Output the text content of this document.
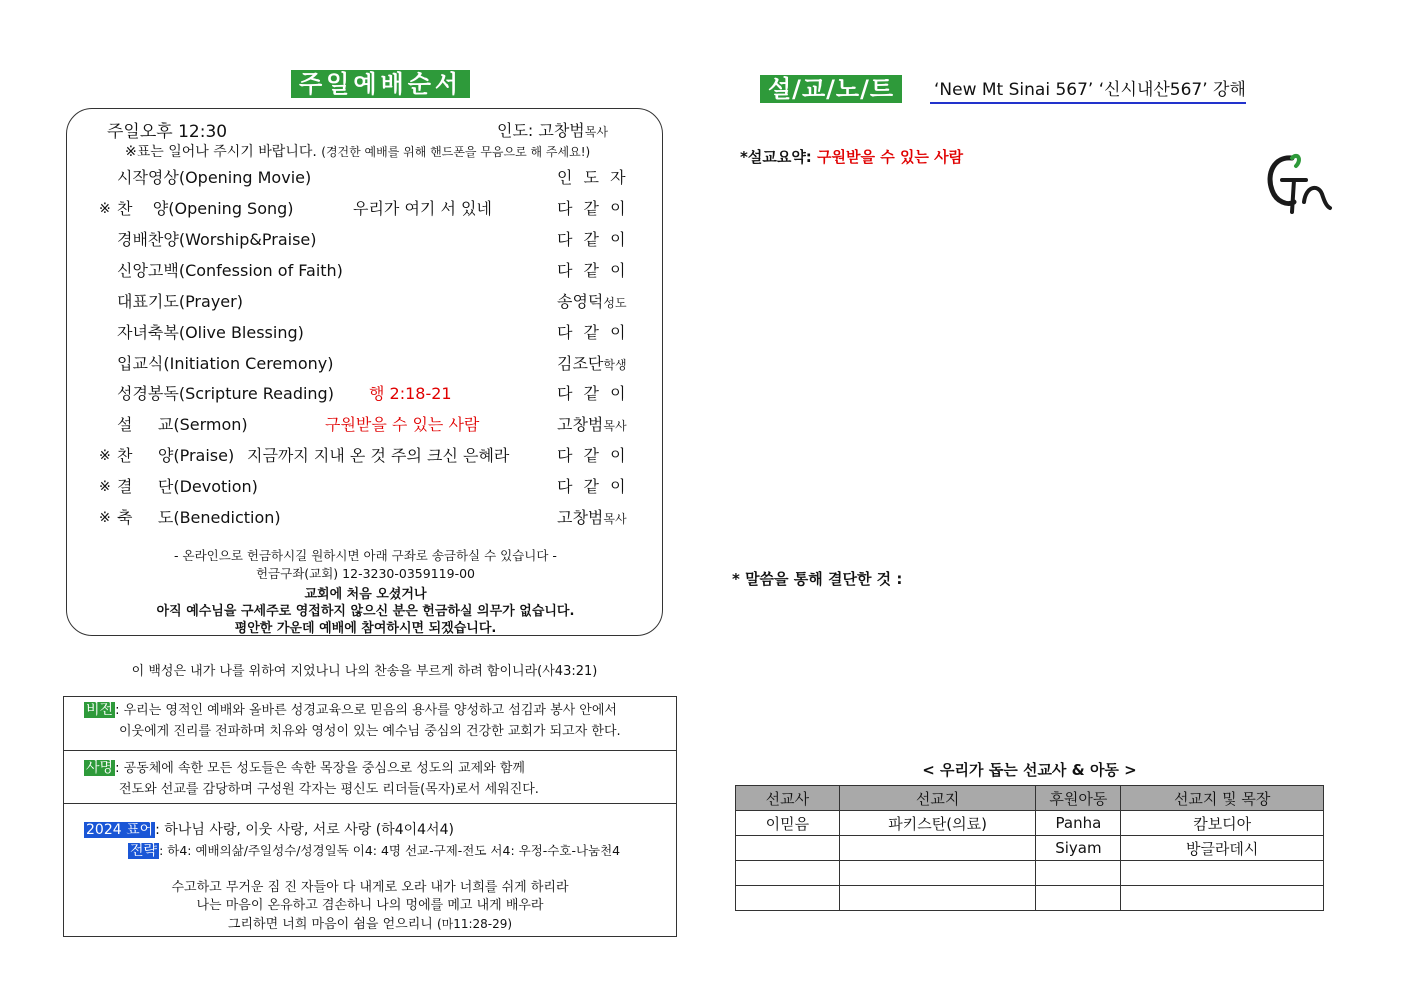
주일예배순서
주일오후 12:30	인도: 고창범목사
※표는 일어나 주시기 바랍니다. (경건한 예배를 위해 핸드폰을 무음으로 해 주세요!)
시작영상(Opening Movie)	인 도 자
※ 찬    양(Opening Song)	우리가 여기 서 있네	다 같 이
경배찬양(Worship&Praise)	다 같 이
신앙고백(Confession of Faith)	다 같 이
대표기도(Prayer)	송영덕성도
자녀축복(Olive Blessing)	다 같 이
입교식(Initiation Ceremony)	김조단학생
성경봉독(Scripture Reading) 행 2:18-21	다 같 이
설     교(Sermon)	구원받을 수 있는 사람	고창범목사
※ 찬     양(Praise) 지금까지 지내 온 것 주의 크신 은혜라	다 같 이
※ 결     단(Devotion)	다 같 이
※ 축     도(Benediction)	고창범목사
- 온라인으로 헌금하시길 원하시면 아래 구좌로 송금하실 수 있습니다 -
헌금구좌(교회) 12-3230-0359119-00
교회에 처음 오셨거나
아직 예수님을 구세주로 영접하지 않으신 분은 헌금하실 의무가 없습니다.
평안한 가운데 예배에 참여하시면 되겠습니다.
이 백성은 내가 나를 위하여 지었나니 나의 찬송을 부르게 하려 함이니라(사43:21)
비전 : 우리는 영적인 예배와 올바른 성경교육으로 믿음의 용사를 양성하고 섬김과 봉사 안에서
이웃에게 진리를 전파하며 치유와 영성이 있는 예수님 중심의 건강한 교회가 되고자 한다.
사명 : 공동체에 속한 모든 성도들은 속한 목장을 중심으로 성도의 교제와 함께
전도와 선교를 감당하며 구성원 각자는 평신도 리더들(목자)로서 세워진다.
2024 표어 : 하나님 사랑, 이웃 사랑, 서로 사랑 (하4이4서4)
전략 : 하4: 예배의삶/주일성수/성경일독 이4: 4명 선교-구제-전도 서4: 우정-수호-나눔천4
수고하고 무거운 짐 진 자들아 다 내게로 오라 내가 너희를 쉬게 하리라
나는 마음이 온유하고 겸손하니 나의 멍에를 메고 내게 배우라
그리하면 너희 마음이 쉼을 얻으리니 (마11:28-29)
설/교/노/트	‘New Mt Sinai 567’ ‘신시내산567’ 강해
*설교요약: 구원받을 수 있는 사람
* 말씀을 통해 결단한 것 :
< 우리가 돕는 선교사 & 아동 >
선교사	선교지	후원아동	선교지 및 목장
이믿음	파키스탄(의료)	Panha	캄보디아
		Siyam	방글라데시
